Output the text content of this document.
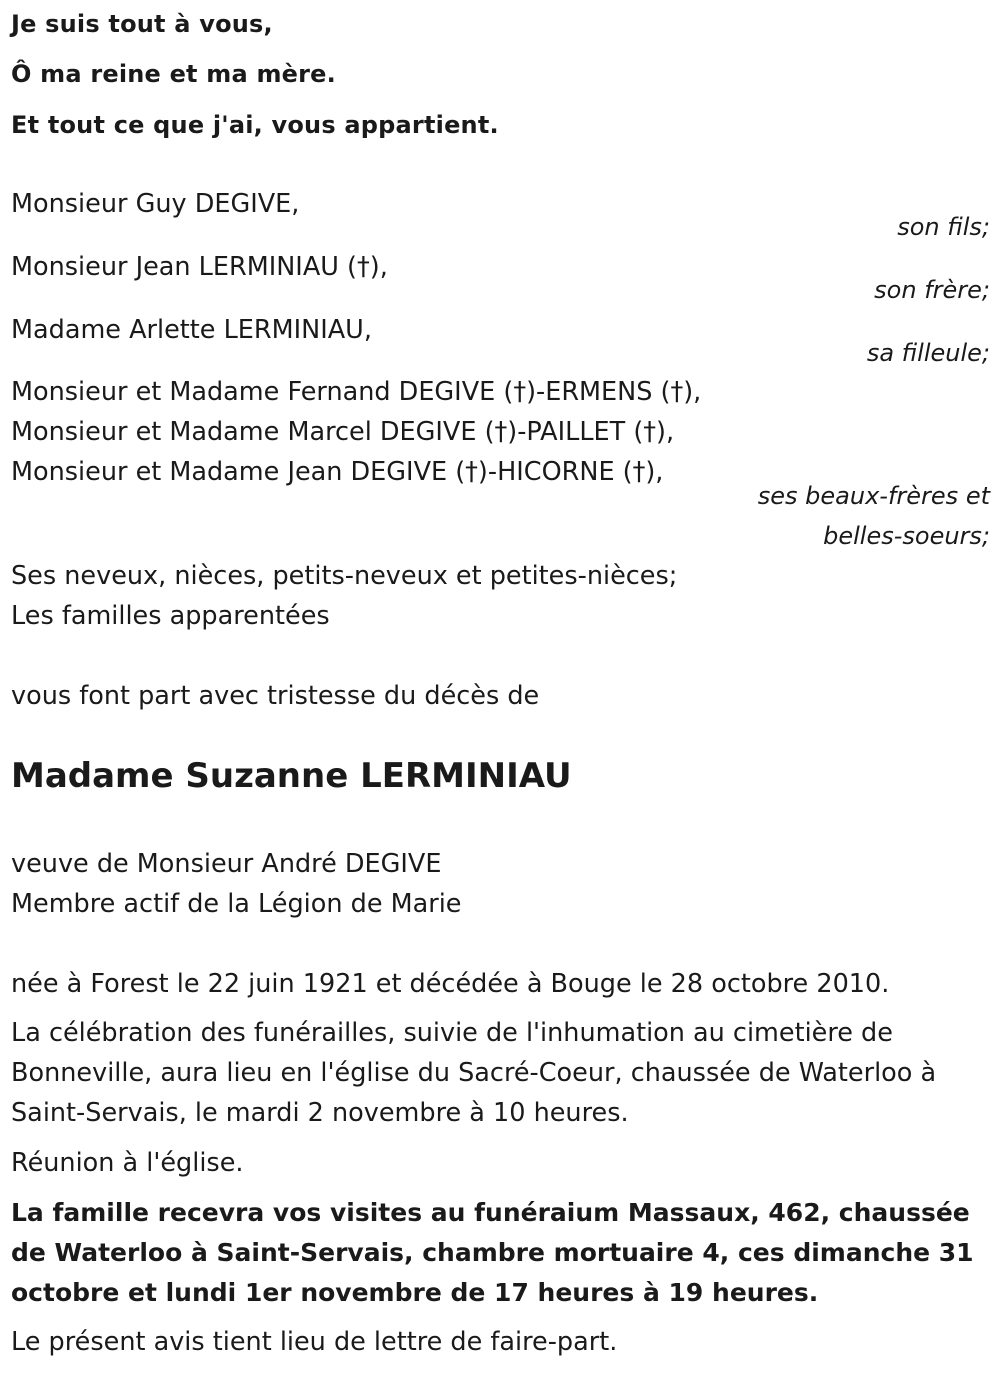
Je suis tout à vous,
Ô ma reine et ma mère.
Et tout ce que j'ai, vous appartient.
Monsieur Guy DEGIVE,
son fils;
Monsieur Jean LERMINIAU (†),
son frère;
Madame Arlette LERMINIAU,
sa filleule;
Monsieur et Madame Fernand DEGIVE (†)-ERMENS (†),
Monsieur et Madame Marcel DEGIVE (†)-PAILLET (†),
Monsieur et Madame Jean DEGIVE (†)-HICORNE (†),
ses beaux-frères et
belles-soeurs;
Ses neveux, nièces, petits-neveux et petites-nièces;
Les familles apparentées
vous font part avec tristesse du décès de
Madame Suzanne LERMINIAU
veuve de Monsieur André DEGIVE
Membre actif de la Légion de Marie
née à Forest le 22 juin 1921 et décédée à Bouge le 28 octobre 2010.
La célébration des funérailles, suivie de l'inhumation au cimetière de Bonneville, aura lieu en l'église du Sacré-Coeur, chaussée de Waterloo à Saint-Servais, le mardi 2 novembre à 10 heures.
Réunion à l'église.
La famille recevra vos visites au funéraium Massaux, 462, chaussée de Waterloo à Saint-Servais, chambre mortuaire 4, ces dimanche 31 octobre et lundi 1er novembre de 17 heures à 19 heures.
Le présent avis tient lieu de lettre de faire-part.
